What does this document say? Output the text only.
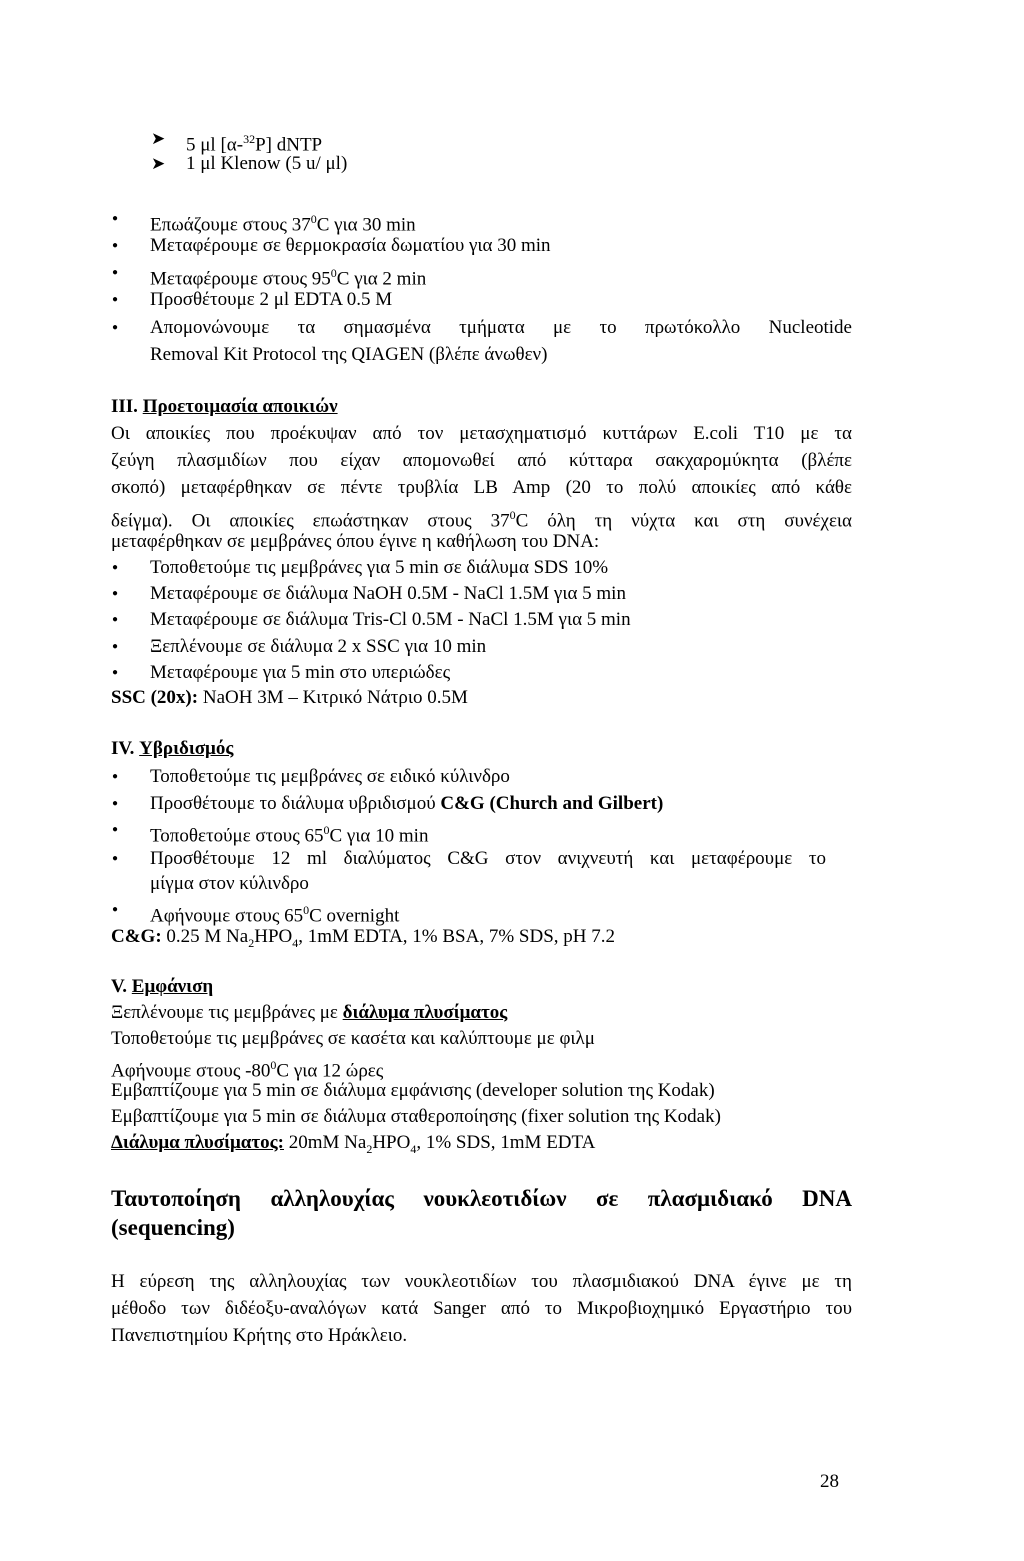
➤ 5 μl [α-$^{32}$P] dNTP
➤ 1 μl Klenow (5 u/ μl)
● Επωάζουμε στους $37^0C$ για 30 min
● Μεταφέρουμε σε θερμοκρασία δωματίου για 30 min
● Μεταφέρουμε στους $95^0C$ για 2 min
● Προσθέτουμε 2 μl EDTA 0.5 M
● Απομονώνουμε τα σημασμένα τμήματα με το πρωτόκολλο Nucleotide
Removal Kit Protocol της QIAGEN (βλέπε άνωθεν)
III. Προετοιμασία αποικιών
Οι αποικίες που προέκυψαν από τον μετασχηματισμό κυττάρων E.coli T10 με τα
ζεύγη πλασμιδίων που είχαν απομονωθεί από κύτταρα σακχαρομύκητα (βλέπε
σκοπό) μεταφέρθηκαν σε πέντε τρυβλία LB Amp (20 το πολύ αποικίες από κάθε
δείγμα). Οι αποικίες επωάστηκαν στους $37^0C$ όλη τη νύχτα και στη συνέχεια
μεταφέρθηκαν σε μεμβράνες όπου έγινε η καθήλωση του DNA:
● Τοποθετούμε τις μεμβράνες για 5 min σε διάλυμα SDS 10%
● Μεταφέρουμε σε διάλυμα NaOH 0.5M - NaCl 1.5M για 5 min
● Μεταφέρουμε σε διάλυμα Tris-Cl 0.5M - NaCl 1.5M για 5 min
● Ξεπλένουμε σε διάλυμα 2 x SSC για 10 min
● Μεταφέρουμε για 5 min στο υπεριώδες
SSC (20x): NaOH 3M – Κιτρικό Νάτριο 0.5M
IV. Υβριδισμός
● Τοποθετούμε τις μεμβράνες σε ειδικό κύλινδρο
● Προσθέτουμε το διάλυμα υβριδισμού C&G (Church and Gilbert)
● Τοποθετούμε στους $65^0C$ για 10 min
● Προσθέτουμε 12 ml διαλύματος C&G στον ανιχνευτή και μεταφέρουμε το
μίγμα στον κύλινδρο
● Αφήνουμε στους $65^0C$ overnight
C&G: 0.25 M $Na_2HPO_4$, 1mM EDTA, 1% BSA, 7% SDS, pH 7.2
V. Εμφάνιση
Ξεπλένουμε τις μεμβράνες με διάλυμα πλυσίματος
Τοποθετούμε τις μεμβράνες σε κασέτα και καλύπτουμε με φιλμ
Αφήνουμε στους $-80^0C$ για 12 ώρες
Εμβαπτίζουμε για 5 min σε διάλυμα εμφάνισης (developer solution της Kodak)
Εμβαπτίζουμε για 5 min σε διάλυμα σταθεροποίησης (fixer solution της Kodak)
Διάλυμα πλυσίματος: 20mM $Na_2HPO_4$, 1% SDS, 1mM EDTA
Ταυτοποίηση αλληλουχίας νουκλεοτιδίων σε πλασμιδιακό DNA
(sequencing)
Η εύρεση της αλληλουχίας των νουκλεοτιδίων του πλασμιδιακού DNA έγινε με τη
μέθοδο των διδέοξυ-αναλόγων κατά Sanger από το Μικροβιοχημικό Εργαστήριο του
Πανεπιστημίου Κρήτης στο Ηράκλειο.
28
